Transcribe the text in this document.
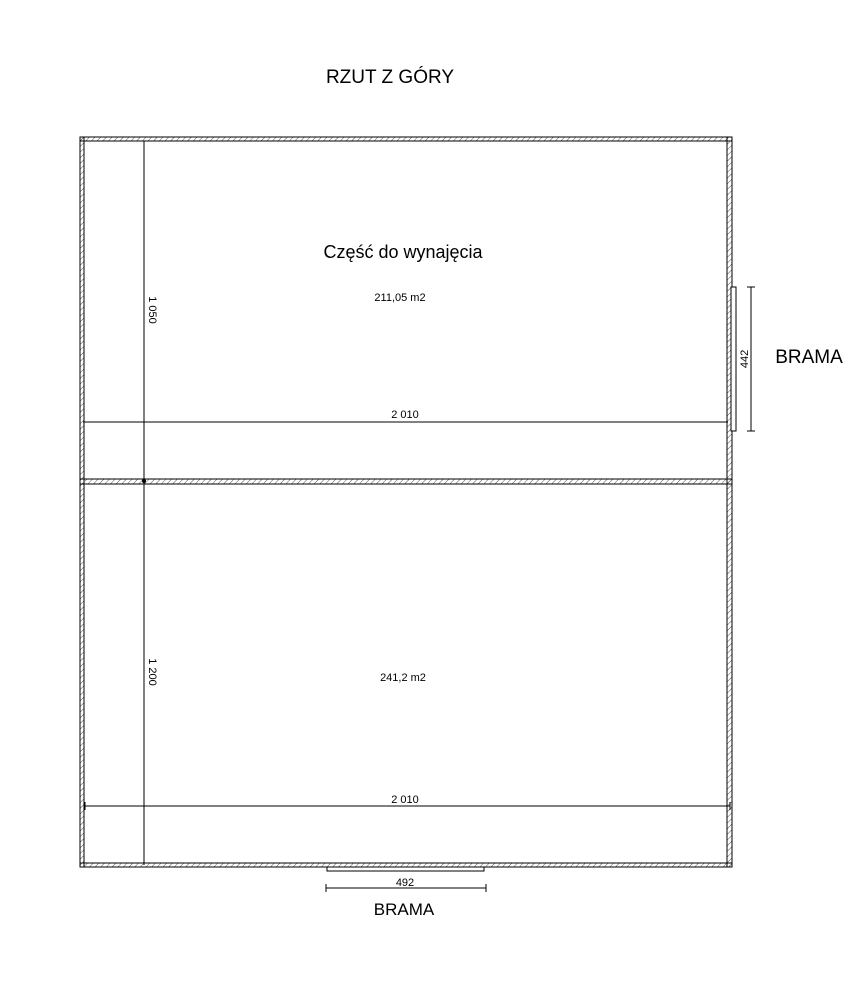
RZUT Z GÓRY
Część do wynajęcia
211,05 m2
241,2 m2
1 050
1 200
2 010
2 010
442 BRAMA
492
BRAMA
